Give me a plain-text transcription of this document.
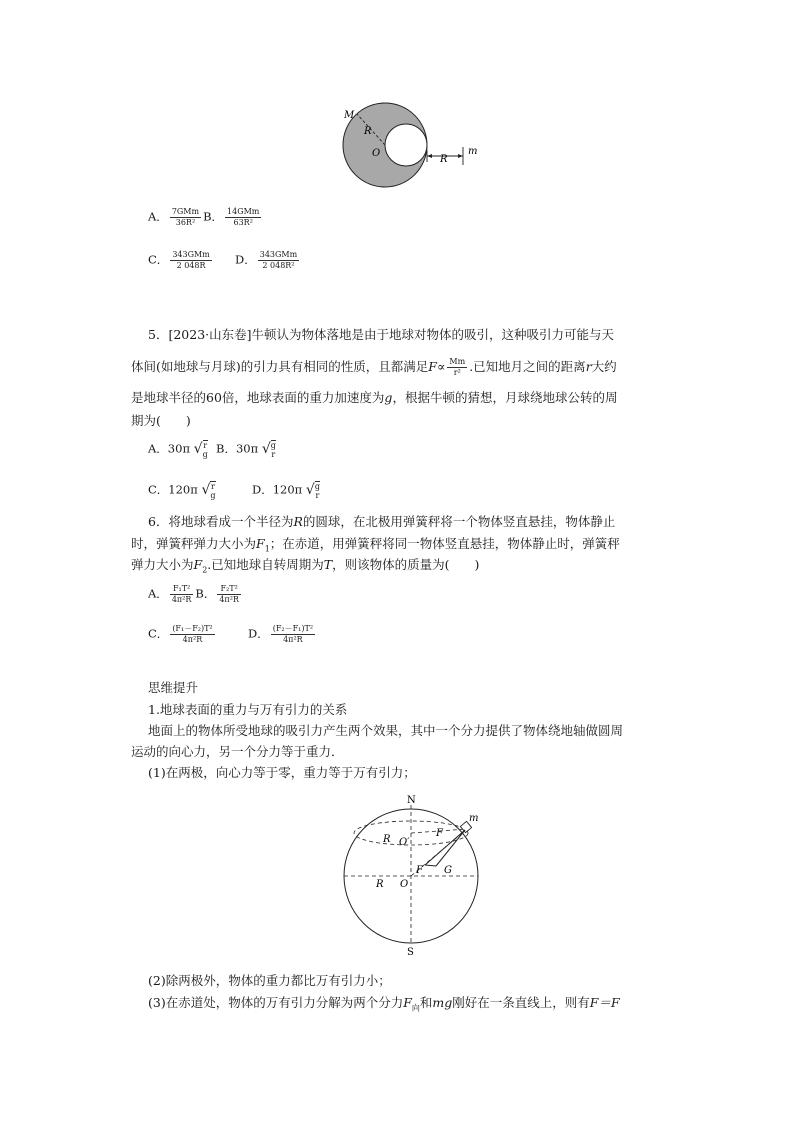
M
R
O
R
m
A． $\frac{\text{7GMm}}{\text{36R²}}$ B． $\frac{\text{14GMm}}{\text{63R²}}$
C． $\frac{\text{343GMm}}{2 048R}$ D． $\frac{\text{343GMm}}{\text{2 048R²}}$
5．[2023·山东卷]牛顿认为物体落地是由于地球对物体的吸引，这种吸引力可能与天
体间(如地球与月球)的引力具有相同的性质，且都满足$F\propto \frac{Mm}{\text{r²}}$ .已知地月之间的距离r大约
是地球半径的60倍，地球表面的重力加速度为g，根据牛顿的猜想，月球绕地球公转的周
期为(　　)
A．30π √ r
g B．30π √ g
r
C．120π √ r
g	D．120π √ g
r
6．将地球看成一个半径为R的圆球，在北极用弹簧秤将一个物体竖直悬挂，物体静止
时，弹簧秤弹力大小为$F_1$；在赤道，用弹簧秤将同一物体竖直悬挂，物体静止时，弹簧秤
弹力大小为$F_2$.已知地球自转周期为T，则该物体的质量为(　　)
A． $\frac{\text{F₁T²}}{\text{4π²R}}$ B． $\frac{\text{F₂T²}}{\text{4π²R}}$
C． $\frac{\text{(F₁－F₂)T²}}{\text{4π²R}}$	D． $\frac{\text{(F₂－F₁)T²}}{\text{4π²R}}$
思维提升
1.地球表面的重力与万有引力的关系
地面上的物体所受地球的吸引力产生两个效果，其中一个分力提供了物体绕地轴做圆周
运动的向心力，另一个分力等于重力．
(1)在两极，向心力等于零，重力等于万有引力；
N
S
R O′
F
m
F G
R O
(2)除两极外，物体的重力都比万有引力小；
(3)在赤道处，物体的万有引力分解为两个分力$F_向$和mg刚好在一条直线上，则有F＝F
